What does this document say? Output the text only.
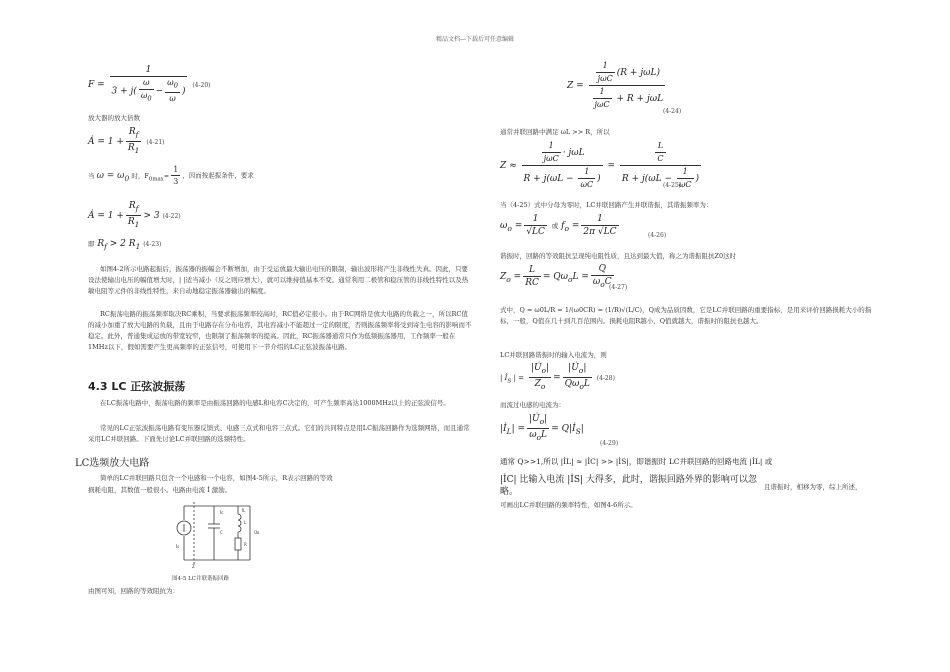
精品文档---下载后可任意编辑
$F = \frac{1}{3 + j( \frac{\omega}{\omega_0} - \frac{\omega_0}{\omega} )} (4-20)$
放大器的放大倍数
Ȧ = $1 + \frac{R_f}{R_1} (4-21)$
当 $\omega = \omega_0$ 时，$F_{0max}= \frac{1}{3}$ ，因而按起振条件，要求
Ȧ = $1 + \frac{R_f}{R_1} > 3$ (4-22)
即 $R_f > 2$ $R_1$ (4-23)
如图4-2所示电路起振后，振荡器的振幅会不断增加，由于受运放最大输出电压的限制，输出波形将产生非线性失真。因此，只要设法使输出电压的幅值增大时，| |适当减小（反之则应增大），就可以维持值基本不变。通常利用二极管和稳压管的非线性特性以及热敏电阻等元件的非线性特性，来自动地稳定振荡器输出的幅度。
RC振荡电路的振荡频率取决RC乘积，当要求振荡频率较高时，RC值必定很小。由于RC网络是放大电路的负载之一，所以RC值的减小加重了放大电路的负载，且由于电路存在分布电容，其电容减小不能超过一定的限度，否则振荡频率将受到寄生电容的影响而不稳定。此外，普通集成运放的带宽较窄，也限制了振荡频率的提高。因此，RC振荡器通常只作为低频振荡器用，工作频率一般在1MHz以下，假如需要产生更高频率的正弦信号，可使用下一节介绍的LC正弦波振荡电路。
4.3 LC 正弦波振荡
在LC振荡电路中，振荡电路的频率是由振荡回路的电感L和电容C决定的，可产生频率高达1000MHz以上的正弦波信号。
常见的LC正弦波振荡电路有变压器反馈式、电感三点式和电容三点式。它们的共同特点是用LC振荡回路作为选频网络，而且通常采用LC并联回路。下面先讨论LC并联回路的选频特性。
LC选频放大电路
简单的LC并联回路只包含一个电感和一个电容，如图4-5所示，R表示回路的等效
损耗电阻，其数值一般很小。电路由电流 İ 激励。
İs
İc	İL
C
L
R
U̇o
Z
图4-5 LC并联谐振回路
由图可知，回路的等效阻抗为：
$Z = \frac{\frac{1}{\text{jωC}} (R + j\omega L)}{\frac{1}{\text{jωC}} + R + j\omega L}$
(4-24)
通常并联回路中满足 ωL >> R，所以
$Z \approx \frac{\frac{1}{\text{jωC}} \cdot j\omega L}{R + j(\omega L - \frac{1}{\omega C} )} = \frac{\frac{L}{C}}{R + j(\omega L - \frac{1}{\omega C} )}$
(4-25)
当（4-25）式中分母为零时，LC并联回路产生并联谐振，其谐振频率为：
$\omega_o = \frac{1}{√LC}$ 或 $f_o = \frac{1}{2\pi √LC}$	(4-26)
谐振时，回路的等效阻抗呈现纯电阻性质，且达到最大值，称之为谐振阻抗Z0这时
$Z_o = \frac{L}{RC} = Q\omega_oL = \frac{Q}{\omega_oC}$
(4-27)
式中，Q = ω0L/R = 1/(ω0CR) = (1/R)√(L/C)，Q成为品质因数，它是LC并联回路的重要指标，是用来评价回路损耗大小的指标，一般，Q值在几十到几百范围内。损耗电阻R越小，Q值就越大，谐振时的阻抗也越大。
LC并联回路谐振时的输入电流为，则
| $İ_S$ | = $\frac{|U̇_o|}{Z_o} = \frac{|U̇_o|}{Q\omega_oL} (4-28)$
而流过电感的电流为：
$|İ_L| = \frac{|U̇_o|}{\omega_oL}$ = $Q|İ_S|$
(4-29)
通常 Q>>1,所以 |İL| ≈ |İC| >> |İS|，即谐振时 LC并联回路的回路电流 |İL| 或
|İC| 比输入电流 |İS| 大得多，此时，谐振回路外界的影响可以忽略。	且谐振时，相移为零，综上所述，
可画出LC并联回路的频率特性，如图4-6所示。
